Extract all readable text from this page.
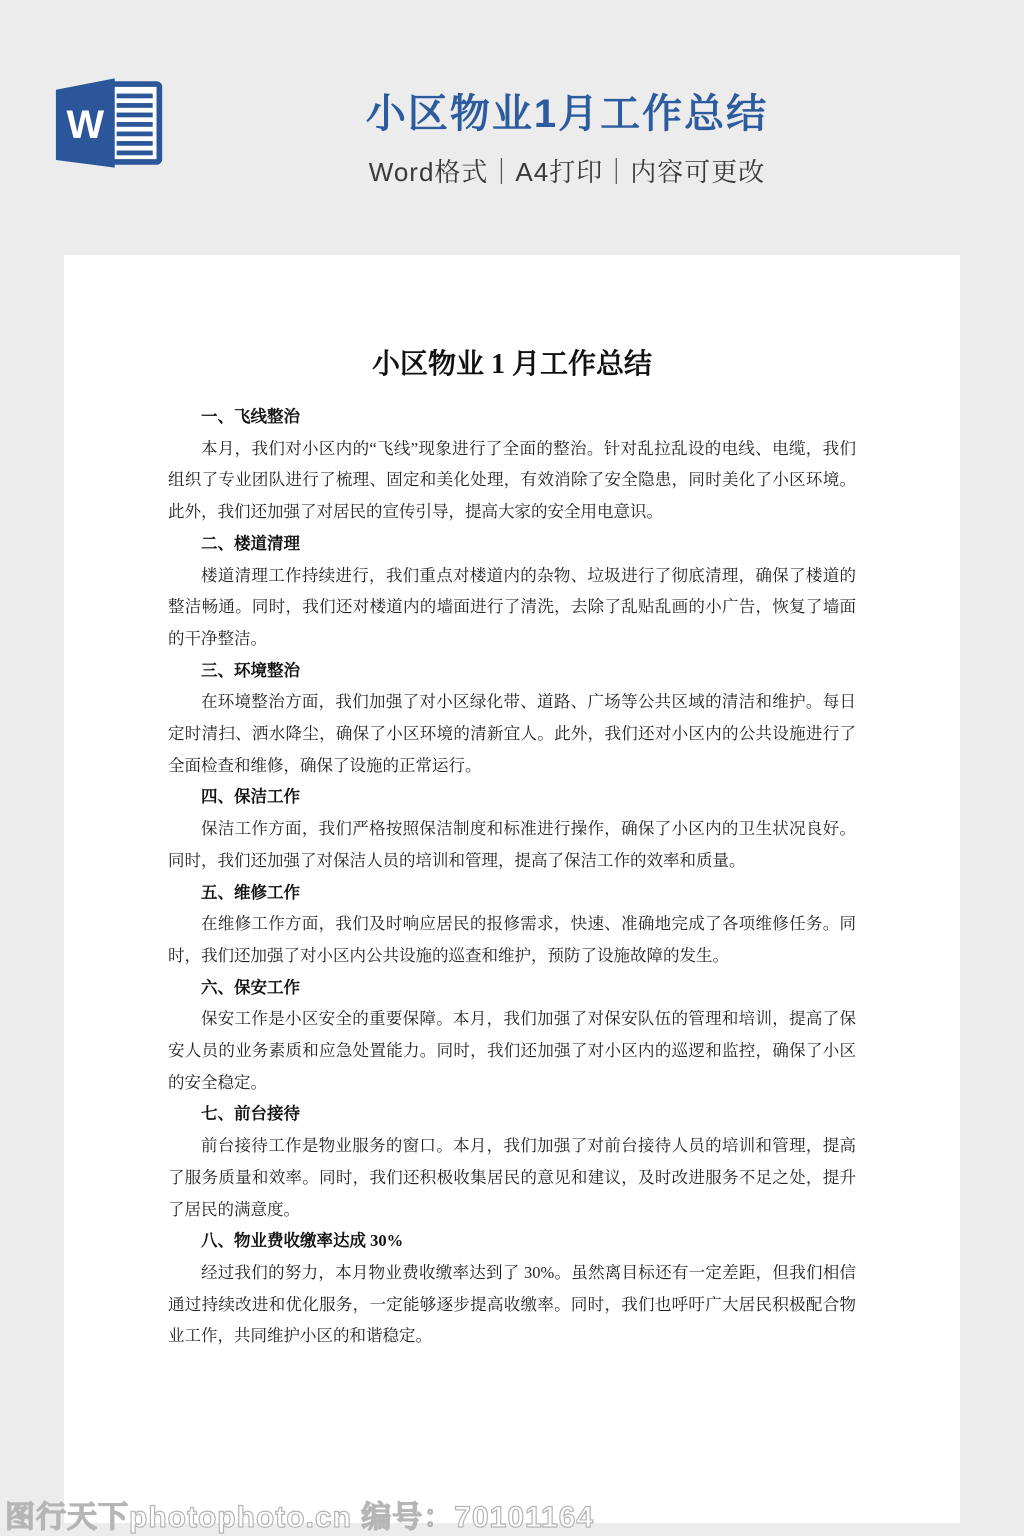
W	小区物业1月工作总结
Word格式｜A4打印｜内容可更改
小区物业 1 月工作总结

一、飞线整治

本月，我们对小区内的“飞线”现象进行了全面的整治。针对乱拉乱设的电线、电缆，我们组织了专业团队进行了梳理、固定和美化处理，有效消除了安全隐患，同时美化了小区环境。此外，我们还加强了对居民的宣传引导，提高大家的安全用电意识。

二、楼道清理

楼道清理工作持续进行，我们重点对楼道内的杂物、垃圾进行了彻底清理，确保了楼道的整洁畅通。同时，我们还对楼道内的墙面进行了清洗，去除了乱贴乱画的小广告，恢复了墙面的干净整洁。

三、环境整治

在环境整治方面，我们加强了对小区绿化带、道路、广场等公共区域的清洁和维护。每日定时清扫、洒水降尘，确保了小区环境的清新宜人。此外，我们还对小区内的公共设施进行了全面检查和维修，确保了设施的正常运行。

四、保洁工作

保洁工作方面，我们严格按照保洁制度和标准进行操作，确保了小区内的卫生状况良好。同时，我们还加强了对保洁人员的培训和管理，提高了保洁工作的效率和质量。

五、维修工作

在维修工作方面，我们及时响应居民的报修需求，快速、准确地完成了各项维修任务。同时，我们还加强了对小区内公共设施的巡查和维护，预防了设施故障的发生。

六、保安工作

保安工作是小区安全的重要保障。本月，我们加强了对保安队伍的管理和培训，提高了保安人员的业务素质和应急处置能力。同时，我们还加强了对小区内的巡逻和监控，确保了小区的安全稳定。

七、前台接待

前台接待工作是物业服务的窗口。本月，我们加强了对前台接待人员的培训和管理，提高了服务质量和效率。同时，我们还积极收集居民的意见和建议，及时改进服务不足之处，提升了居民的满意度。

八、物业费收缴率达成 30%

经过我们的努力，本月物业费收缴率达到了 30%。虽然离目标还有一定差距，但我们相信通过持续改进和优化服务，一定能够逐步提高收缴率。同时，我们也呼吁广大居民积极配合物业工作，共同维护小区的和谐稳定。

图行天下photophoto.cn 编号：70101164
